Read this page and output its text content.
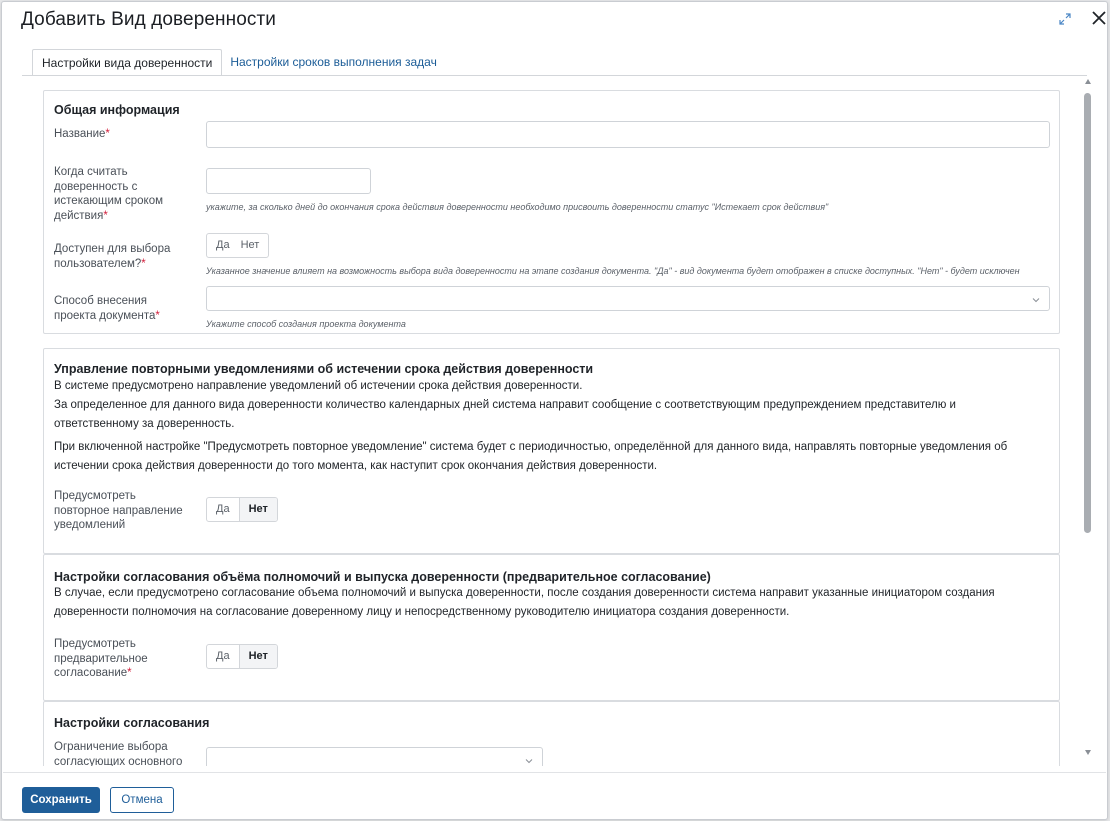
Добавить Вид доверенности
Настройки вида доверенности	Настройки сроков выполнения задач
Общая информация
Название*
Когда считать доверенность с истекающим сроком действия*
укажите, за сколько дней до окончания срока действия доверенности необходимо присвоить доверенности статус "Истекает срок действия"
Доступен для выбора пользователем?*
Да	Нет
Указанное значение влияет на возможность выбора вида доверенности на этапе создания документа. "Да" - вид документа будет отображен в списке доступных. "Нет" - будет исключен
Способ внесения проекта документа*
Укажите способ создания проекта документа
Управление повторными уведомлениями об истечении срока действия доверенности
В системе предусмотрено направление уведомлений об истечении срока действия доверенности.
За определенное для данного вида доверенности количество календарных дней система направит сообщение с соответствующим предупреждением представителю и ответственному за доверенность.
При включенной настройке "Предусмотреть повторное уведомление" система будет с периодичностью, определённой для данного вида, направлять повторные уведомления об истечении срока действия доверенности до того момента, как наступит срок окончания действия доверенности.
Предусмотреть повторное направление уведомлений
Да	Нет
Настройки согласования объёма полномочий и выпуска доверенности (предварительное согласование)
В случае, если предусмотрено согласование объема полномочий и выпуска доверенности, после создания доверенности система направит указанные инициатором создания доверенности полномочия на согласование доверенному лицу и непосредственному руководителю инициатора создания доверенности.
Предусмотреть предварительное согласование*
Да	Нет
Настройки согласования
Ограничение выбора согласующих основного
Сохранить	Отмена
